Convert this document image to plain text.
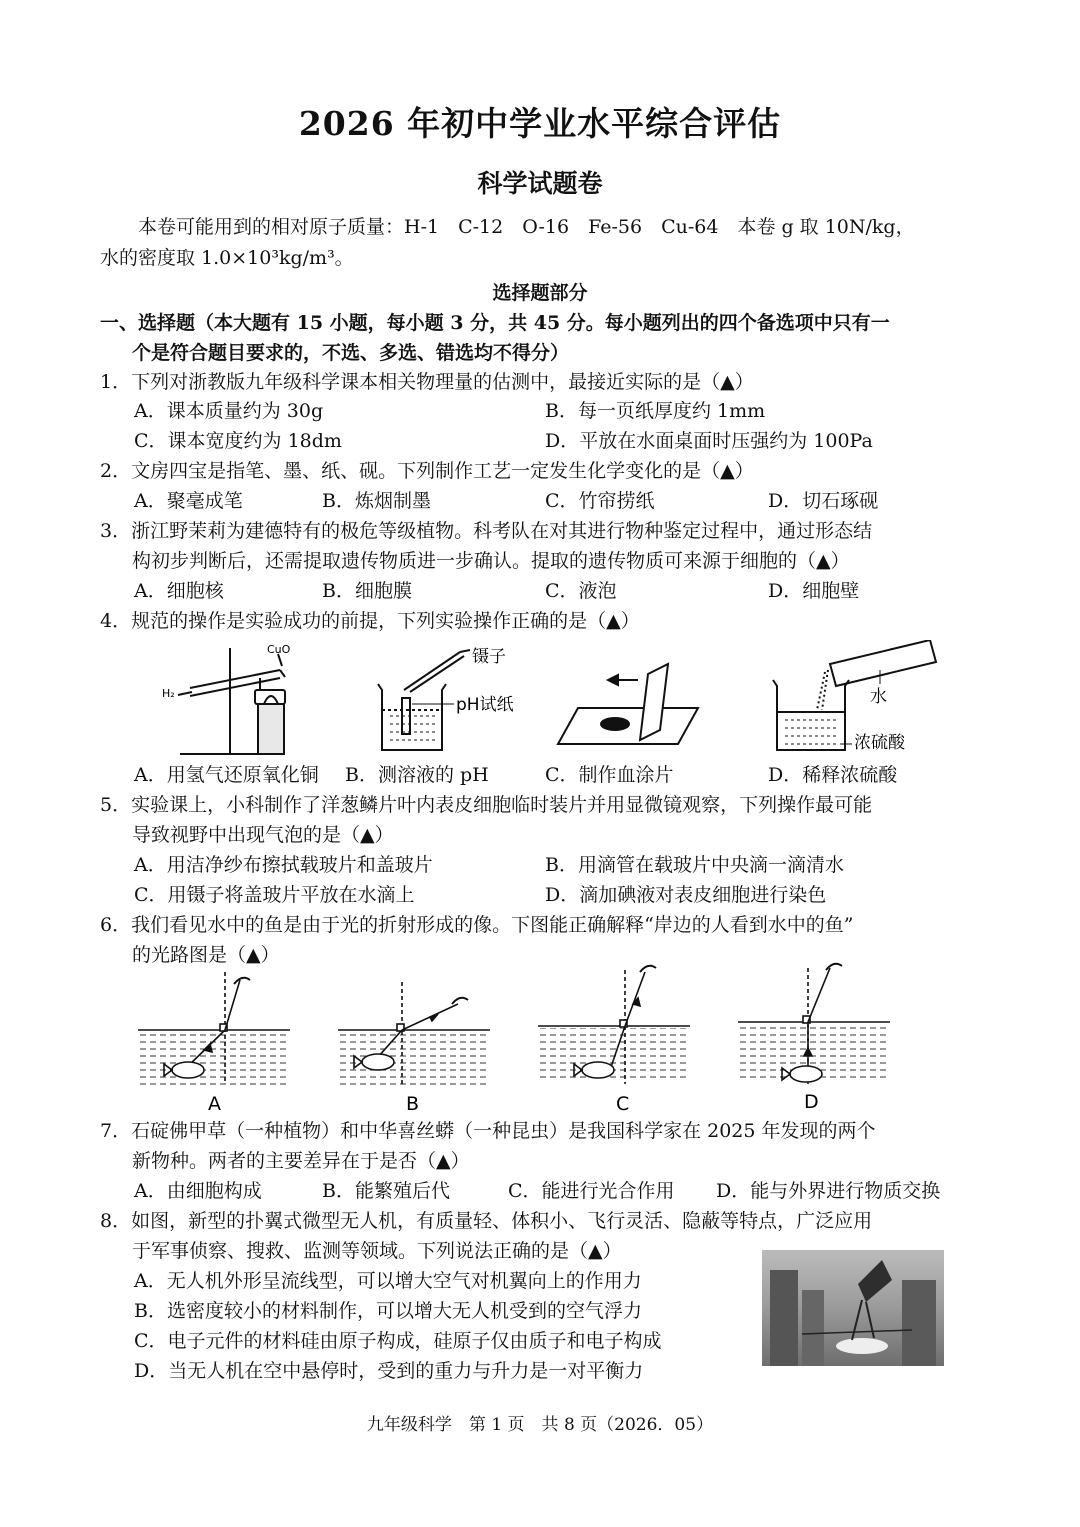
2026 年初中学业水平综合评估
科学试题卷
本卷可能用到的相对原子质量：H-1　C-12　O-16　Fe-56　Cu-64　本卷 g 取 10N/kg，
水的密度取 1.0×10³kg/m³。
选择题部分
一、选择题（本大题有 15 小题，每小题 3 分，共 45 分。每小题列出的四个备选项中只有一
个是符合题目要求的，不选、多选、错选均不得分）
1．下列对浙教版九年级科学课本相关物理量的估测中，最接近实际的是（▲）
A．课本质量约为 30g	B．每一页纸厚度约 1mm
C．课本宽度约为 18dm	D．平放在水面桌面时压强约为 100Pa
2．文房四宝是指笔、墨、纸、砚。下列制作工艺一定发生化学变化的是（▲）
A．聚毫成笔	B．炼烟制墨	C．竹帘捞纸	D．切石琢砚
3．浙江野茉莉为建德特有的极危等级植物。科考队在对其进行物种鉴定过程中，通过形态结
构初步判断后，还需提取遗传物质进一步确认。提取的遗传物质可来源于细胞的（▲）
A．细胞核	B．细胞膜	C．液泡	D．细胞壁
4．规范的操作是实验成功的前提，下列实验操作正确的是（▲）
CuO
H₂
镊子
pH试纸	水
浓硫酸
A．用氢气还原氧化铜 B．测溶液的 pH	C．制作血涂片	D．稀释浓硫酸
5．实验课上，小科制作了洋葱鳞片叶内表皮细胞临时装片并用显微镜观察，下列操作最可能
导致视野中出现气泡的是（▲）
A．用洁净纱布擦拭载玻片和盖玻片	B．用滴管在载玻片中央滴一滴清水
C．用镊子将盖玻片平放在水滴上	D．滴加碘液对表皮细胞进行染色
6．我们看见水中的鱼是由于光的折射形成的像。下图能正确解释“岸边的人看到水中的鱼”
的光路图是（▲）
A	B	C	D
7．石碇佛甲草（一种植物）和中华喜丝蟒（一种昆虫）是我国科学家在 2025 年发现的两个
新物种。两者的主要差异在于是否（▲）
A．由细胞构成	B．能繁殖后代	C．能进行光合作用 D．能与外界进行物质交换
8．如图，新型的扑翼式微型无人机，有质量轻、体积小、飞行灵活、隐蔽等特点，广泛应用
于军事侦察、搜救、监测等领域。下列说法正确的是（▲）
A．无人机外形呈流线型，可以增大空气对机翼向上的作用力
B．选密度较小的材料制作，可以增大无人机受到的空气浮力
C．电子元件的材料硅由原子构成，硅原子仅由质子和电子构成
D．当无人机在空中悬停时，受到的重力与升力是一对平衡力
九年级科学　第 1 页　共 8 页（2026．05）
